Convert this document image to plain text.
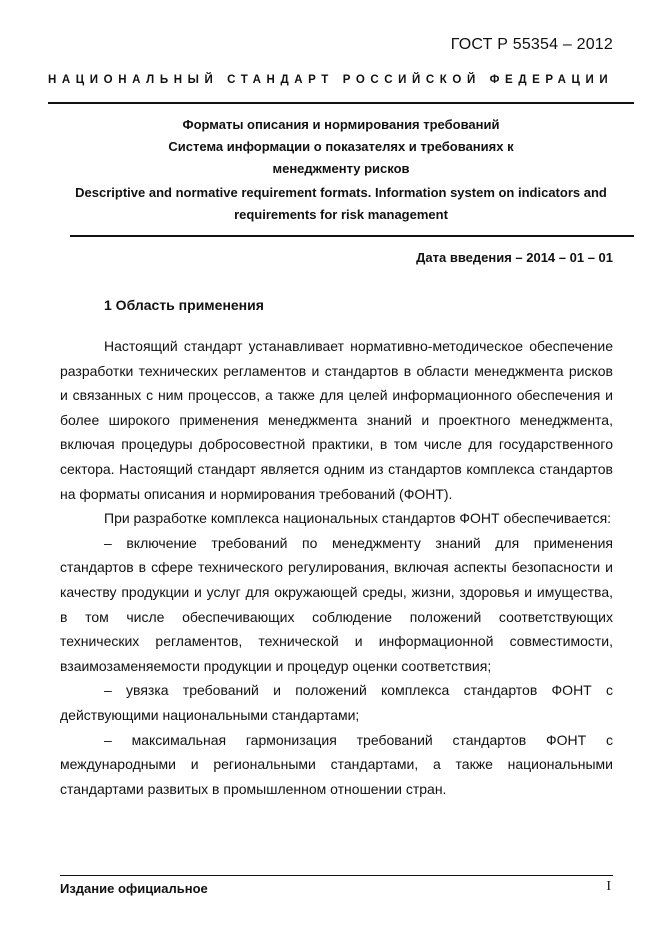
ГОСТ Р 55354 – 2012
НАЦИОНАЛЬНЫЙ СТАНДАРТ РОССИЙСКОЙ ФЕДЕРАЦИИ
Форматы описания и нормирования требований
Система информации о показателях и требованиях к
менеджменту рисков
Descriptive and normative requirement formats. Information system on indicators and
requirements for risk management
Дата введения – 2014 – 01 – 01
1 Область применения

Настоящий стандарт устанавливает нормативно-методическое обеспечение разработки технических регламентов и стандартов в области менеджмента рисков и связанных с ним процессов, а также для целей информационного обеспечения и более широкого применения менеджмента знаний и проектного менеджмента, включая процедуры добросовестной практики, в том числе для государственного сектора. Настоящий стандарт является одним из стандартов комплекса стандартов на форматы описания и нормирования требований (ФОНТ).

При разработке комплекса национальных стандартов ФОНТ обеспечивается:

– включение требований по менеджменту знаний для применения стандартов в сфере технического регулирования, включая аспекты безопасности и качеству продукции и услуг для окружающей среды, жизни, здоровья и имущества, в том числе обеспечивающих соблюдение положений соответствующих технических регламентов, технической и информационной совместимости, взаимозаменяемости продукции и процедур оценки соответствия;

– увязка требований и положений комплекса стандартов ФОНТ с действующими национальными стандартами;

– максимальная гармонизация требований стандартов ФОНТ с международными и региональными стандартами, а также национальными стандартами развитых в промышленном отношении стран.

Издание официальное	I
